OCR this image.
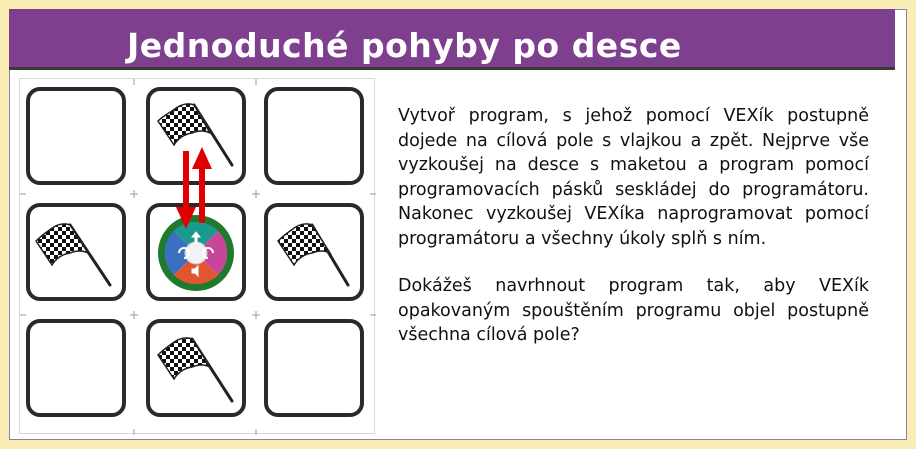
Jednoduché pohyby po desce

Vytvoř program, s jehož pomocí VEXík postupně dojede na cílová pole s vlajkou a zpět. Nejprve vše vyzkoušej na desce s maketou a program pomocí programovacích pásků seskládej do programátoru. Nakonec vyzkoušej VEXíka naprogramovat pomocí programátoru a všechny úkoly splň s ním.

Dokážeš navrhnout program tak, aby VEXík opakovaným spouštěním programu objel postupně všechna cílová pole?
